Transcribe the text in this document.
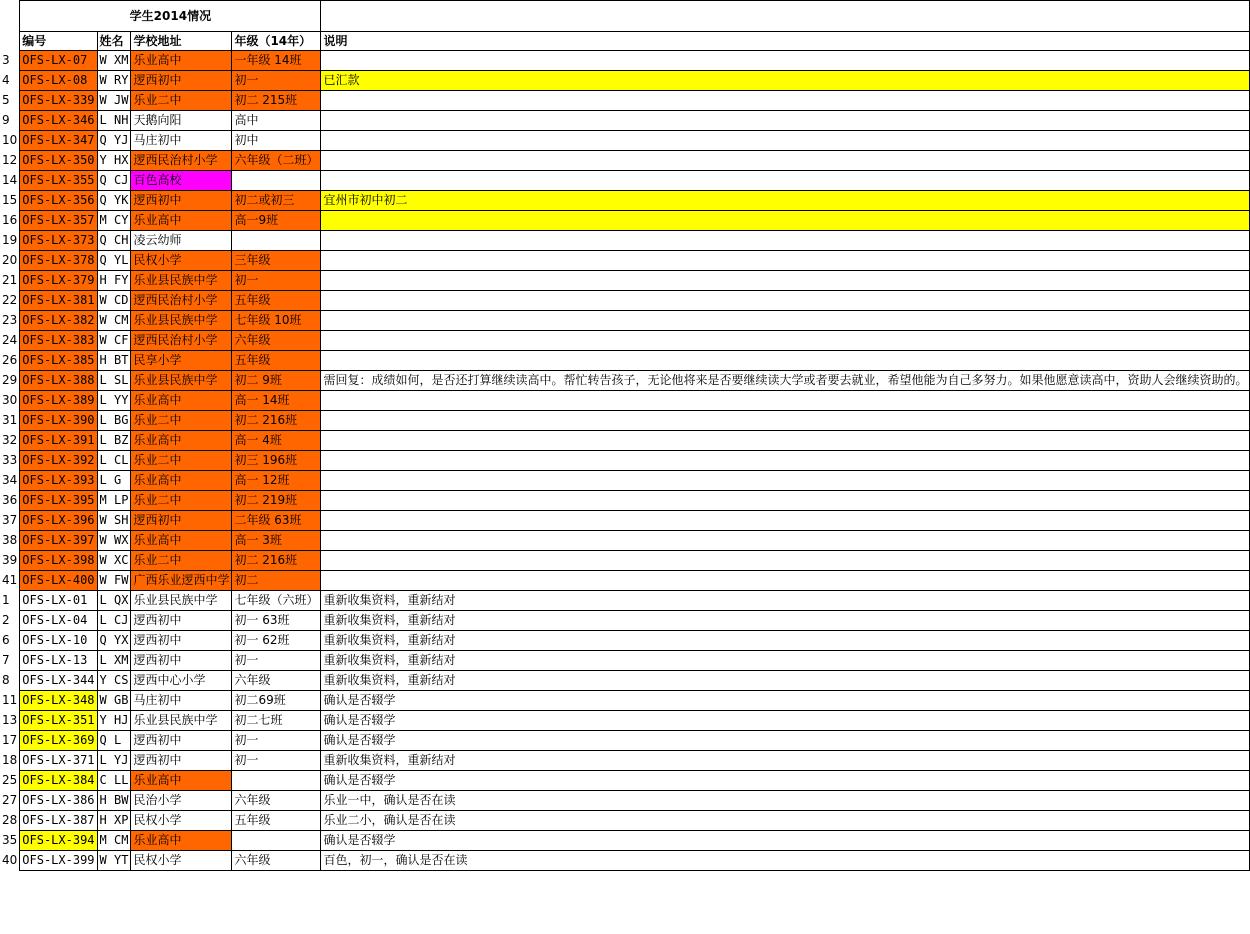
	学生2014情况				
	编号	姓名	学校地址	年级（14年）	说明
3	OFS-LX-07	W XM	乐业高中	一年级 14班	
4	OFS-LX-08	W RY	逻西初中	初一	已汇款
5	OFS-LX-339	W JW	乐业二中	初二 215班	
9	OFS-LX-346	L NH	天鹅向阳	高中	
10	OFS-LX-347	Q YJ	马庄初中	初中	
12	OFS-LX-350	Y HX	逻西民治村小学	六年级（二班）	
14	OFS-LX-355	Q CJ	百色高校		
15	OFS-LX-356	Q YK	逻西初中	初二或初三	宜州市初中初二
16	OFS-LX-357	M CY	乐业高中	高一9班	
19	OFS-LX-373	Q CH	凌云幼师		
20	OFS-LX-378	Q YL	民权小学	三年级	
21	OFS-LX-379	H FY	乐业县民族中学	初一	
22	OFS-LX-381	W CD	逻西民治村小学	五年级	
23	OFS-LX-382	W CM	乐业县民族中学	七年级 10班	
24	OFS-LX-383	W CF	逻西民治村小学	六年级	
26	OFS-LX-385	H BT	民享小学	五年级	
29	OFS-LX-388	L SL	乐业县民族中学	初二 9班	需回复：成绩如何，是否还打算继续读高中。帮忙转告孩子，无论他将来是否要继续读大学或者要去就业，希望他能为自己多努力。如果他愿意读高中，资助人会继续资助的。
30	OFS-LX-389	L YY	乐业高中	高一 14班	
31	OFS-LX-390	L BG	乐业二中	初二 216班	
32	OFS-LX-391	L BZ	乐业高中	高一 4班	
33	OFS-LX-392	L CL	乐业二中	初三 196班	
34	OFS-LX-393	L G	乐业高中	高一 12班	
36	OFS-LX-395	M LP	乐业二中	初二 219班	
37	OFS-LX-396	W SH	逻西初中	二年级 63班	
38	OFS-LX-397	W WX	乐业高中	高一 3班	
39	OFS-LX-398	W XC	乐业二中	初二 216班	
41	OFS-LX-400	W FW	广西乐业逻西中学	初二	
1	OFS-LX-01	L QX	乐业县民族中学	七年级（六班）	重新收集资料，重新结对
2	OFS-LX-04	L CJ	逻西初中	初一 63班	重新收集资料，重新结对
6	OFS-LX-10	Q YX	逻西初中	初一 62班	重新收集资料，重新结对
7	OFS-LX-13	L XM	逻西初中	初一	重新收集资料，重新结对
8	OFS-LX-344	Y CS	逻西中心小学	六年级	重新收集资料，重新结对
11	OFS-LX-348	W GB	马庄初中	初二69班	确认是否辍学
13	OFS-LX-351	Y HJ	乐业县民族中学	初二七班	确认是否辍学
17	OFS-LX-369	Q L	逻西初中	初一	确认是否辍学
18	OFS-LX-371	L YJ	逻西初中	初一	重新收集资料，重新结对
25	OFS-LX-384	C LL	乐业高中		确认是否辍学
27	OFS-LX-386	H BW	民治小学	六年级	乐业一中，确认是否在读
28	OFS-LX-387	H XP	民权小学	五年级	乐业二小，确认是否在读
35	OFS-LX-394	M CM	乐业高中		确认是否辍学
40	OFS-LX-399	W YT	民权小学	六年级	百色，初一，确认是否在读
